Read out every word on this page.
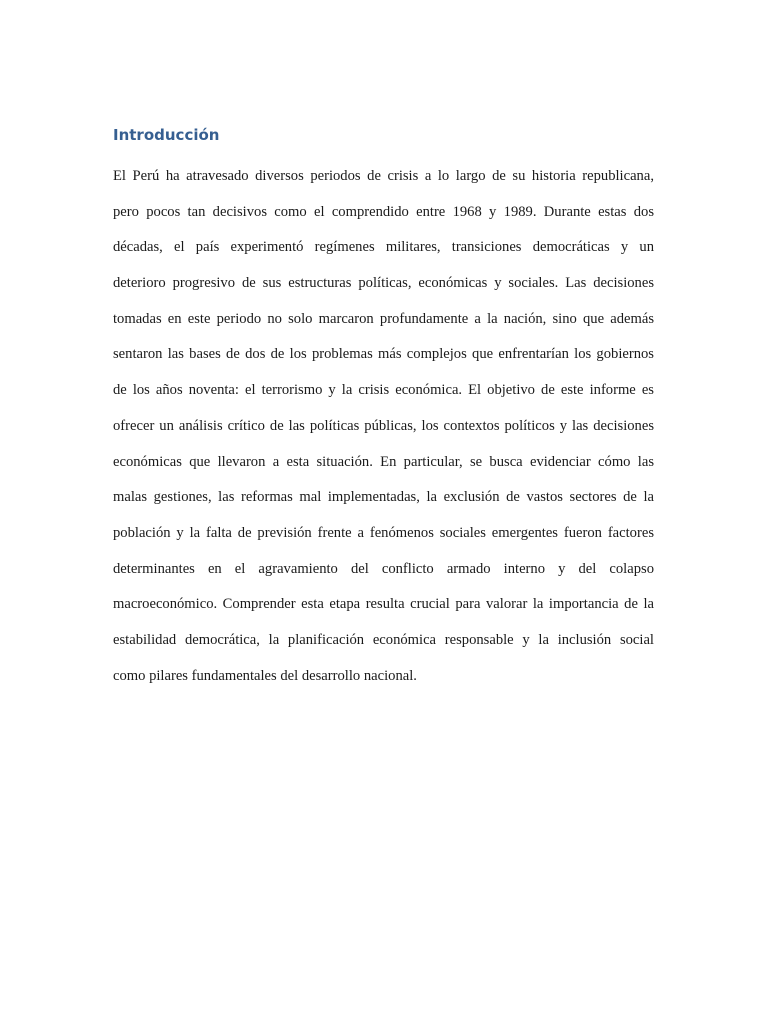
Introducción
El Perú ha atravesado diversos periodos de crisis a lo largo de su historia republicana,
pero pocos tan decisivos como el comprendido entre 1968 y 1989. Durante estas dos
décadas, el país experimentó regímenes militares, transiciones democráticas y un
deterioro progresivo de sus estructuras políticas, económicas y sociales. Las decisiones
tomadas en este periodo no solo marcaron profundamente a la nación, sino que además
sentaron las bases de dos de los problemas más complejos que enfrentarían los gobiernos
de los años noventa: el terrorismo y la crisis económica. El objetivo de este informe es
ofrecer un análisis crítico de las políticas públicas, los contextos políticos y las decisiones
económicas que llevaron a esta situación. En particular, se busca evidenciar cómo las
malas gestiones, las reformas mal implementadas, la exclusión de vastos sectores de la
población y la falta de previsión frente a fenómenos sociales emergentes fueron factores
determinantes en el agravamiento del conflicto armado interno y del colapso
macroeconómico. Comprender esta etapa resulta crucial para valorar la importancia de la
estabilidad democrática, la planificación económica responsable y la inclusión social
como pilares fundamentales del desarrollo nacional.
